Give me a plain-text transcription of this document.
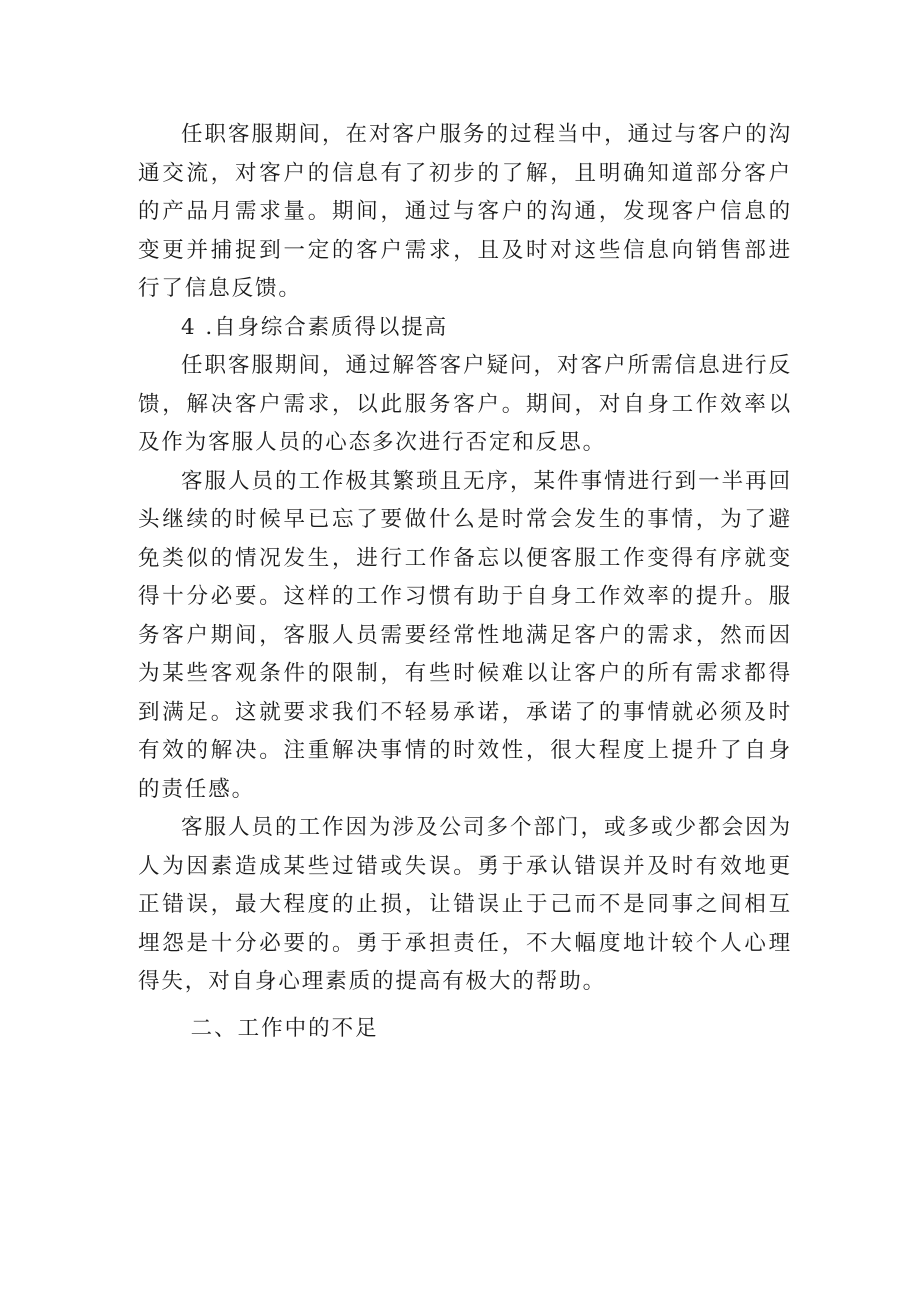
任职客服期间，在对客户服务的过程当中，通过与客户的沟通交流，对客户的信息有了初步的了解，且明确知道部分客户的产品月需求量。期间，通过与客户的沟通，发现客户信息的变更并捕捉到一定的客户需求，且及时对这些信息向销售部进行了信息反馈。

4 .自身综合素质得以提高

任职客服期间，通过解答客户疑问，对客户所需信息进行反馈，解决客户需求，以此服务客户。期间，对自身工作效率以及作为客服人员的心态多次进行否定和反思。

客服人员的工作极其繁琐且无序，某件事情进行到一半再回头继续的时候早已忘了要做什么是时常会发生的事情，为了避免类似的情况发生，进行工作备忘以便客服工作变得有序就变得十分必要。这样的工作习惯有助于自身工作效率的提升。服务客户期间，客服人员需要经常性地满足客户的需求，然而因为某些客观条件的限制，有些时候难以让客户的所有需求都得到满足。这就要求我们不轻易承诺，承诺了的事情就必须及时有效的解决。注重解决事情的时效性，很大程度上提升了自身的责任感。

客服人员的工作因为涉及公司多个部门，或多或少都会因为人为因素造成某些过错或失误。勇于承认错误并及时有效地更正错误，最大程度的止损，让错误止于己而不是同事之间相互埋怨是十分必要的。勇于承担责任，不大幅度地计较个人心理得失，对自身心理素质的提高有极大的帮助。

二、工作中的不足
